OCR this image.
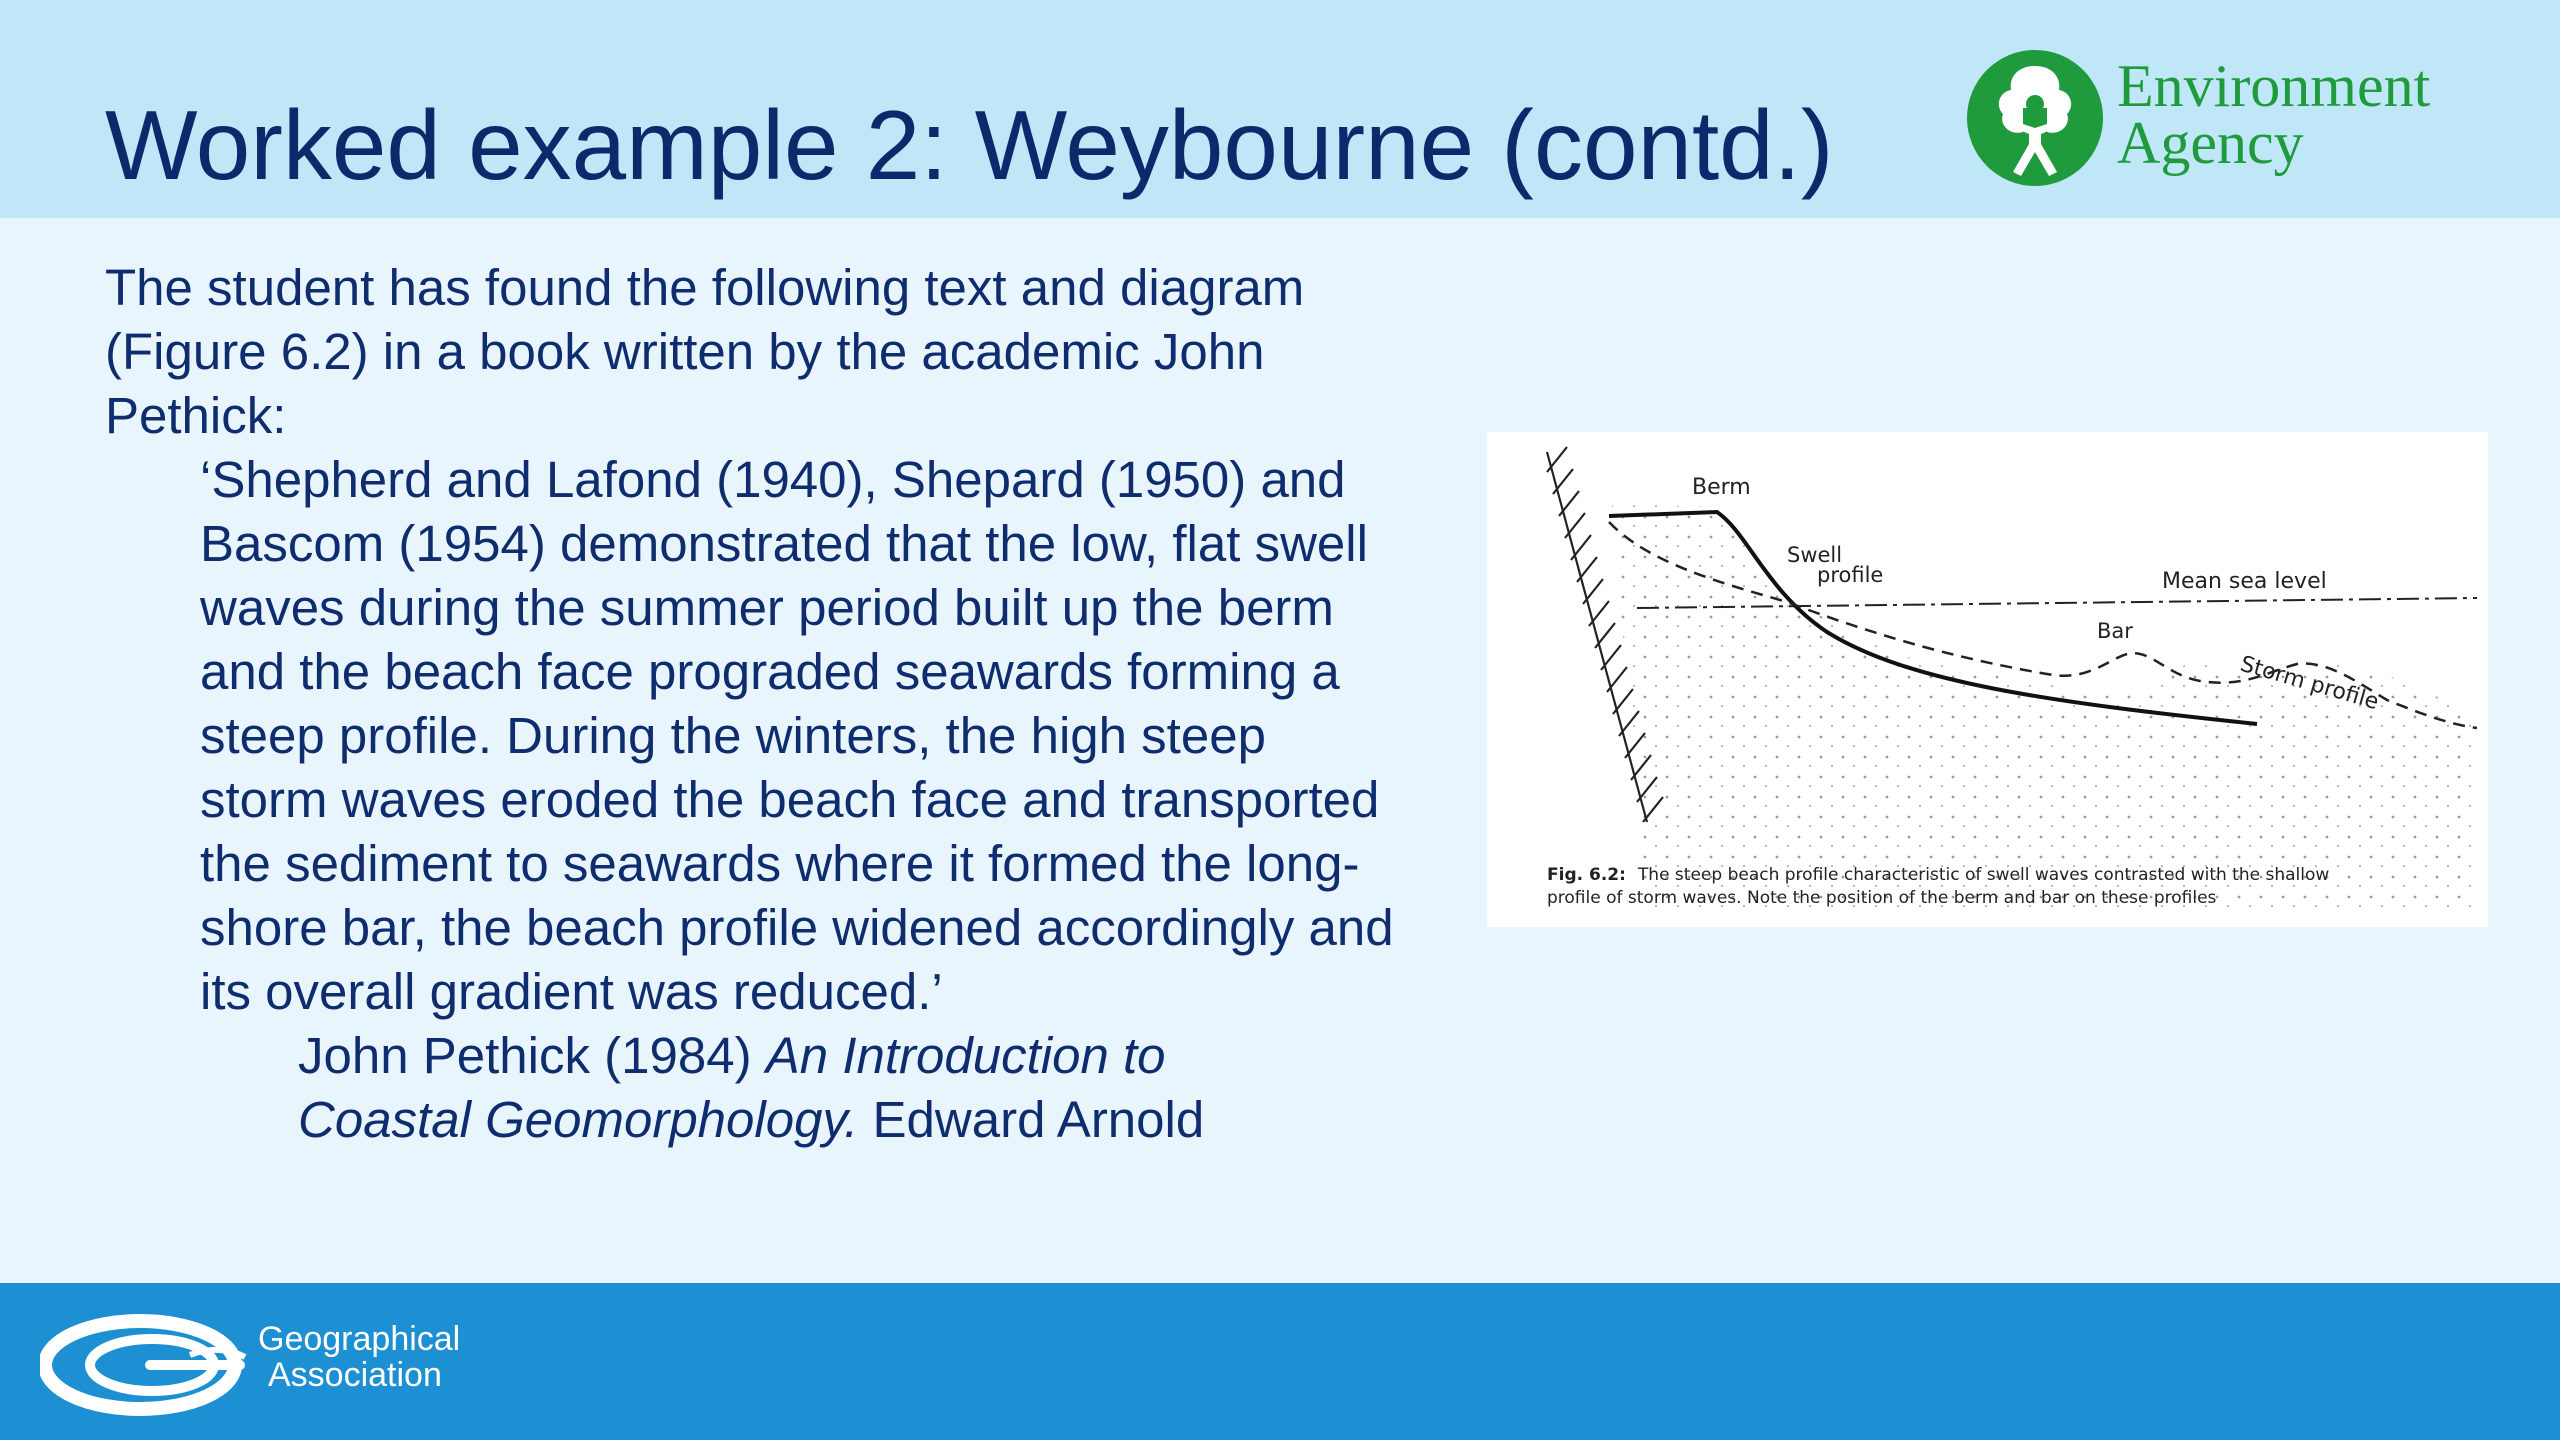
Worked example 2: Weybourne (contd.)
Environment
Agency

The student has found the following text and diagram (Figure 6.2) in a book written by the academic John Pethick:

‘Shepherd and Lafond (1940), Shepard (1950) and Bascom (1954) demonstrated that the low, flat swell waves during the summer period built up the berm and the beach face prograded seawards forming a steep profile. During the winters, the high steep storm waves eroded the beach face and transported the sediment to seawards where it formed the long-shore bar, the beach profile widened accordingly and its overall gradient was reduced.’

John Pethick (1984) An Introduction to
Coastal Geomorphology. Edward Arnold

Berm
Swell
profile	Mean sea level
Bar
Storm profile
Fig. 6.2: The steep beach profile characteristic of swell waves contrasted with the shallow
profile of storm waves. Note the position of the berm and bar on these profiles
Geographical
Association
